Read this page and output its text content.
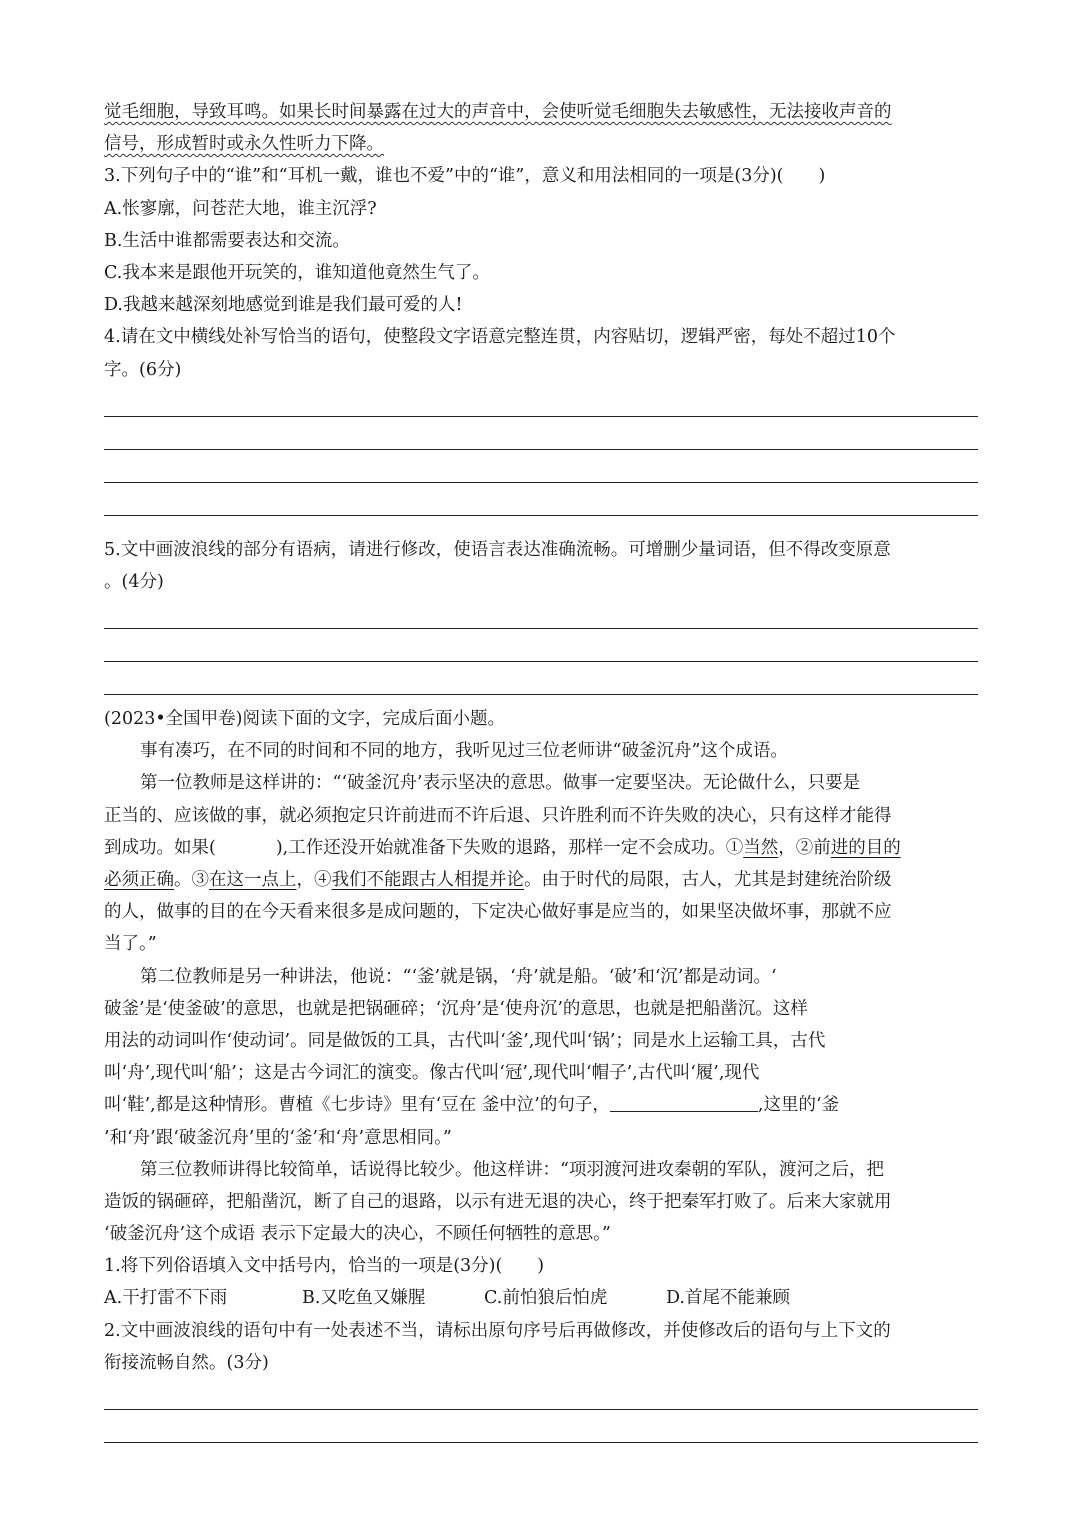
觉毛细胞，导致耳鸣。如果长时间暴露在过大的声音中，会使听觉毛细胞失去敏感性，无法接收声音的
信号，形成暂时或永久性听力下降。
3.下列句子中的“谁”和“耳机一戴，谁也不爱”中的“谁”，意义和用法相同的一项是(3分)(　　)
A.怅寥廓，问苍茫大地，谁主沉浮?
B.生活中谁都需要表达和交流。
C.我本来是跟他开玩笑的，谁知道他竟然生气了。
D.我越来越深刻地感觉到谁是我们最可爱的人!
4.请在文中横线处补写恰当的语句，使整段文字语意完整连贯，内容贴切，逻辑严密，每处不超过10个
字。(6分)
5.文中画波浪线的部分有语病，请进行修改，使语言表达准确流畅。可增删少量词语，但不得改变原意
。(4分)
(2023•全国甲卷)阅读下面的文字，完成后面小题。
事有凑巧，在不同的时间和不同的地方，我听见过三位老师讲“破釜沉舟”这个成语。
第一位教师是这样讲的：“‘破釜沉舟’表示坚决的意思。做事一定要坚决。无论做什么，只要是
正当的、应该做的事，就必须抱定只许前进而不许后退、只许胜利而不许失败的决心，只有这样才能得
到成功。如果(	),工作还没开始就准备下失败的退路，那样一定不会成功。①当然，②前进的目的
必须正确。③在这一点上，④我们不能跟古人相提并论。由于时代的局限，古人，尤其是封建统治阶级
的人，做事的目的在今天看来很多是成问题的，下定决心做好事是应当的，如果坚决做坏事，那就不应
当了。”
第二位教师是另一种讲法，他说：“‘釜’就是锅，‘舟’就是船。‘破’和‘沉’都是动词。‘
破釜’是‘使釜破’的意思，也就是把锅砸碎；‘沉舟’是‘使舟沉’的意思，也就是把船凿沉。这样
用法的动词叫作‘使动词’。同是做饭的工具，古代叫‘釜’,现代叫‘锅’；同是水上运输工具，古代
叫‘舟’,现代叫‘船’；这是古今词汇的演变。像古代叫‘冠’,现代叫‘帽子’,古代叫‘履’,现代
叫‘鞋’,都是这种情形。曹植《七步诗》里有‘豆在 釜中泣’的句子，	,这里的‘釜
’和‘舟’跟‘破釜沉舟’里的‘釜’和‘舟’意思相同。”
第三位教师讲得比较简单，话说得比较少。他这样讲：“项羽渡河进攻秦朝的军队，渡河之后，把
造饭的锅砸碎，把船凿沉，断了自己的退路，以示有进无退的决心，终于把秦军打败了。后来大家就用
‘破釜沉舟’这个成语 表示下定最大的决心，不顾任何牺牲的意思。”
1.将下列俗语填入文中括号内，恰当的一项是(3分)(　　)
A.干打雷不下雨	B.又吃鱼又嫌腥	C.前怕狼后怕虎	D.首尾不能兼顾
2.文中画波浪线的语句中有一处表述不当，请标出原句序号后再做修改，并使修改后的语句与上下文的
衔接流畅自然。(3分)
